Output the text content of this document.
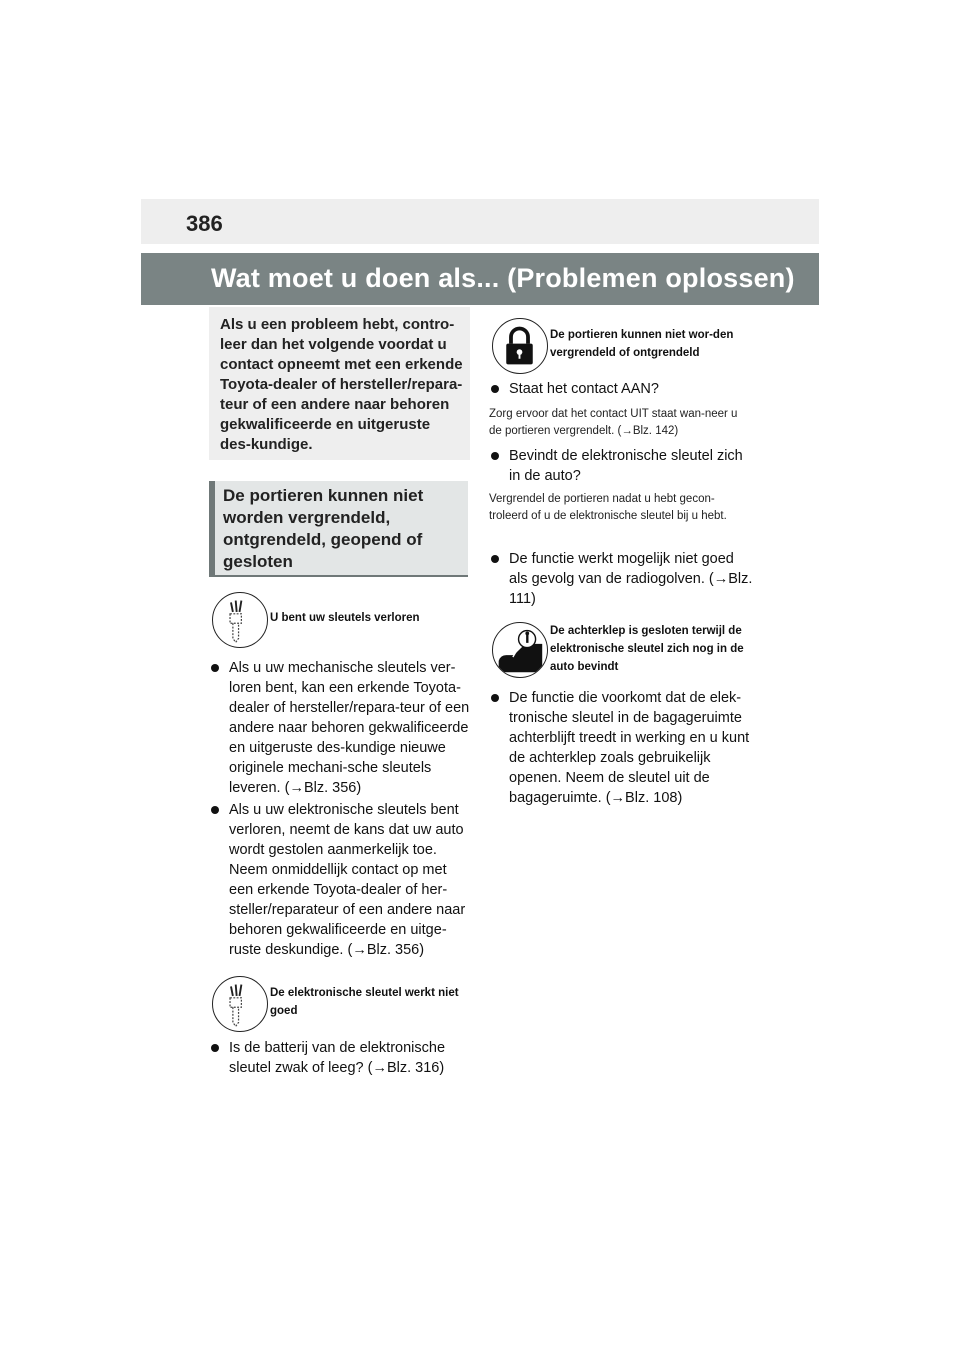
386
Wat moet u doen als... (Problemen oplossen)
Als u een probleem hebt, contro-leer dan het volgende voordat u contact opneemt met een erkende Toyota-dealer of hersteller/repara-teur of een andere naar behoren gekwalificeerde en uitgeruste des-kundige.
De portieren kunnen niet worden vergrendeld, ontgrendeld, geopend of gesloten
U bent uw sleutels verloren
Als u uw mechanische sleutels ver-loren bent, kan een erkende Toyota-dealer of hersteller/repara-teur of een andere naar behoren gekwalificeerde en uitgeruste des-kundige nieuwe originele mechani-sche sleutels leveren. (→Blz. 356)
Als u uw elektronische sleutels bent verloren, neemt de kans dat uw auto wordt gestolen aanmerkelijk toe. Neem onmiddellijk contact op met een erkende Toyota-dealer of her-steller/reparateur of een andere naar behoren gekwalificeerde en uitge-ruste deskundige. (→Blz. 356)
De elektronische sleutel werkt niet goed
Is de batterij van de elektronische sleutel zwak of leeg? (→Blz. 316)
De portieren kunnen niet wor-den vergrendeld of ontgrendeld
Staat het contact AAN?
Zorg ervoor dat het contact UIT staat wan-neer u de portieren vergrendelt. (→Blz. 142)
Bevindt de elektronische sleutel zich in de auto?
Vergrendel de portieren nadat u hebt gecon-troleerd of u de elektronische sleutel bij u hebt.
De functie werkt mogelijk niet goed als gevolg van de radiogolven. (→Blz. 111)
De achterklep is gesloten terwijl de elektronische sleutel zich nog in de auto bevindt
De functie die voorkomt dat de elek-tronische sleutel in de bagageruimte achterblijft treedt in werking en u kunt de achterklep zoals gebruikelijk openen. Neem de sleutel uit de bagageruimte. (→Blz. 108)
